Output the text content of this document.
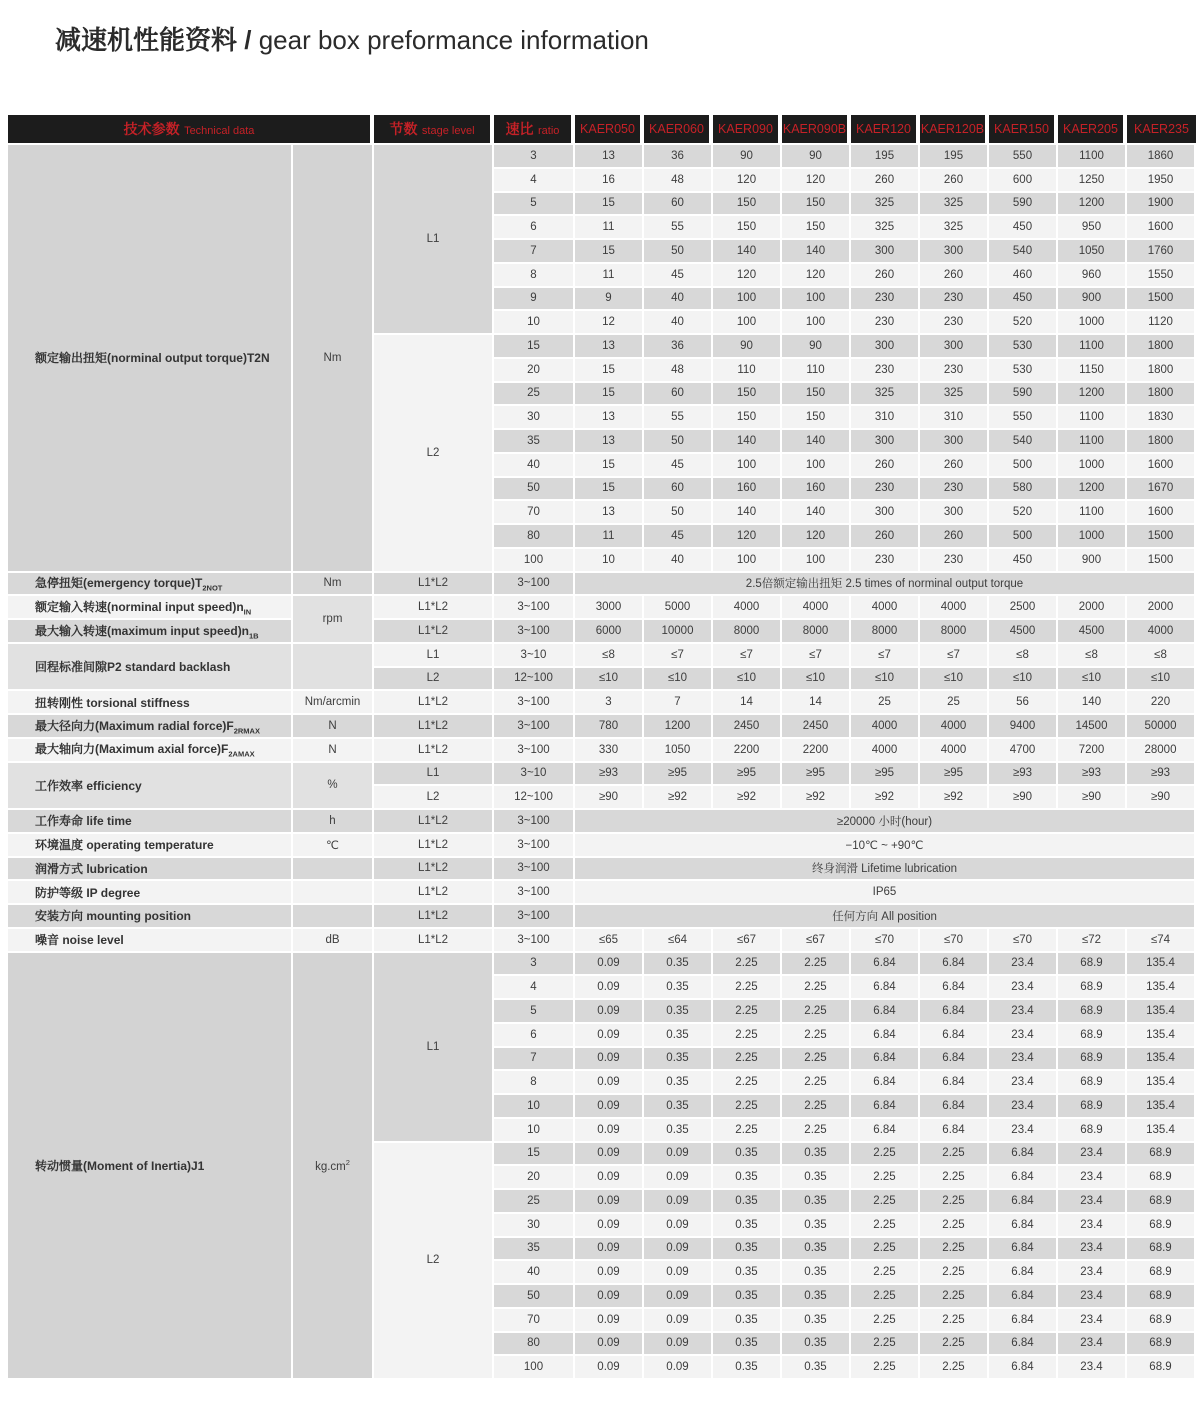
减速机性能资料 / gear box preformance information
技术参数 Technical data		节数 stage level	速比 ratio	KAER050	KAER060	KAER090	KAER090B	KAER120	KAER120B	KAER150	KAER205	KAER235
额定输出扭矩(norminal output torque)T2N	Nm	L1	3	13	36	90	90	195	195	550	1100	1860
			4	16	48	120	120	260	260	600	1250	1950
			5	15	60	150	150	325	325	590	1200	1900
			6	11	55	150	150	325	325	450	950	1600
			7	15	50	140	140	300	300	540	1050	1760
			8	11	45	120	120	260	260	460	960	1550
			9	9	40	100	100	230	230	450	900	1500
			10	12	40	100	100	230	230	520	1000	1120
		L2	15	13	36	90	90	300	300	530	1100	1800
			20	15	48	110	110	230	230	530	1150	1800
			25	15	60	150	150	325	325	590	1200	1800
			30	13	55	150	150	310	310	550	1100	1830
			35	13	50	140	140	300	300	540	1100	1800
			40	15	45	100	100	260	260	500	1000	1600
			50	15	60	160	160	230	230	580	1200	1670
			70	13	50	140	140	300	300	520	1100	1600
			80	11	45	120	120	260	260	500	1000	1500
			100	10	40	100	100	230	230	450	900	1500
急停扭矩(emergency $torque)T_{2NOT}$	Nm	L1*L2	3~100	2.5倍额定输出扭矩 2.5 times of norminal output torque								
额定输入转速(norminal input $speed)n_{IN}$	rpm	L1*L2	3~100	3000	5000	4000	4000	4000	4000	2500	2000	2000
最大输入转速(maximum input $speed)n_{1B}$		L1*L2	3~100	6000	10000	8000	8000	8000	8000	4500	4500	4000
回程标准间隙P2 standard backlash		L1	3~10	≤8	≤7	≤7	≤7	≤7	≤7	≤8	≤8	≤8
		L2	12~100	≤10	≤10	≤10	≤10	≤10	≤10	≤10	≤10	≤10
扭转刚性 torsional stiffness	Nm/arcmin	L1*L2	3~100	3	7	14	14	25	25	56	140	220
最大径向力(Maximum radial $force)F_{2RMAX}$	N	L1*L2	3~100	780	1200	2450	2450	4000	4000	9400	14500	50000
最大轴向力(Maximum axial $force)F_{2AMAX}$	N	L1*L2	3~100	330	1050	2200	2200	4000	4000	4700	7200	28000
工作效率 efficiency	%	L1	3~10	≥93	≥95	≥95	≥95	≥95	≥95	≥93	≥93	≥93
		L2	12~100	≥90	≥92	≥92	≥92	≥92	≥92	≥90	≥90	≥90
工作寿命 life time	h	L1*L2	3~100	≥20000 小时(hour)								
环境温度 operating temperature	℃	L1*L2	3~100	−10℃ ~ +90℃								
润滑方式 lubrication		L1*L2	3~100	终身润滑 Lifetime lubrication								
防护等级 IP degree		L1*L2	3~100	IP65								
安装方向 mounting position		L1*L2	3~100	任何方向 All position								
噪音 noise level	dB	L1*L2	3~100	≤65	≤64	≤67	≤67	≤70	≤70	≤70	≤72	≤74
转动惯量(Moment of Inertia)J1	$kg.cm^2$	L1	3	0.09	0.35	2.25	2.25	6.84	6.84	23.4	68.9	135.4
			4	0.09	0.35	2.25	2.25	6.84	6.84	23.4	68.9	135.4
			5	0.09	0.35	2.25	2.25	6.84	6.84	23.4	68.9	135.4
			6	0.09	0.35	2.25	2.25	6.84	6.84	23.4	68.9	135.4
			7	0.09	0.35	2.25	2.25	6.84	6.84	23.4	68.9	135.4
			8	0.09	0.35	2.25	2.25	6.84	6.84	23.4	68.9	135.4
			10	0.09	0.35	2.25	2.25	6.84	6.84	23.4	68.9	135.4
			10	0.09	0.35	2.25	2.25	6.84	6.84	23.4	68.9	135.4
		L2	15	0.09	0.09	0.35	0.35	2.25	2.25	6.84	23.4	68.9
			20	0.09	0.09	0.35	0.35	2.25	2.25	6.84	23.4	68.9
			25	0.09	0.09	0.35	0.35	2.25	2.25	6.84	23.4	68.9
			30	0.09	0.09	0.35	0.35	2.25	2.25	6.84	23.4	68.9
			35	0.09	0.09	0.35	0.35	2.25	2.25	6.84	23.4	68.9
			40	0.09	0.09	0.35	0.35	2.25	2.25	6.84	23.4	68.9
			50	0.09	0.09	0.35	0.35	2.25	2.25	6.84	23.4	68.9
			70	0.09	0.09	0.35	0.35	2.25	2.25	6.84	23.4	68.9
			80	0.09	0.09	0.35	0.35	2.25	2.25	6.84	23.4	68.9
			100	0.09	0.09	0.35	0.35	2.25	2.25	6.84	23.4	68.9
